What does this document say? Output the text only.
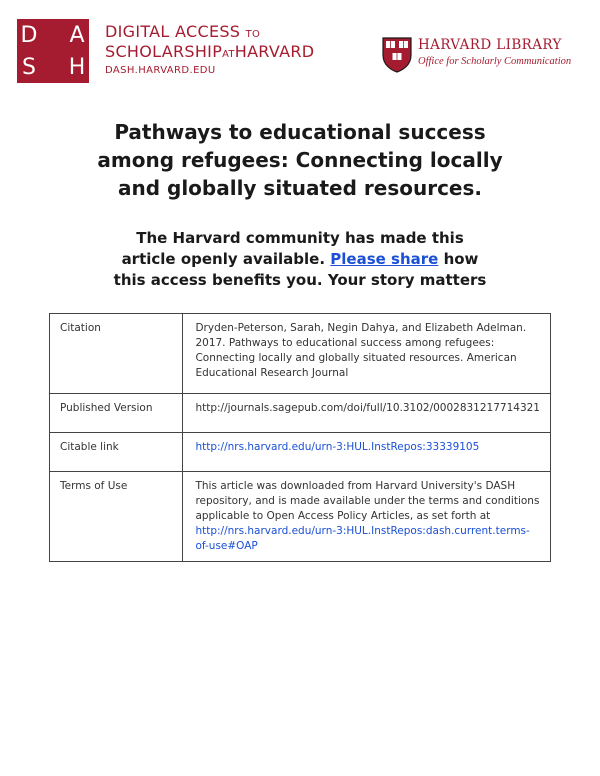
D A
S H
DIGITAL ACCESS TO
SCHOLARSHIPATHARVARD
DASH.HARVARD.EDU
HARVARD LIBRARY
Office for Scholarly Communication
Pathways to educational success
among refugees: Connecting locally
and globally situated resources.
The Harvard community has made this
article openly available. Please share how
this access benefits you. Your story matters
Citation	Dryden-Peterson, Sarah, Negin Dahya, and Elizabeth Adelman. 2017. Pathways to educational success among refugees: Connecting locally and globally situated resources. American Educational Research Journal
Published Version	http://journals.sagepub.com/doi/full/10.3102/0002831217714321
Citable link	http://nrs.harvard.edu/urn-3:HUL.InstRepos:33339105
Terms of Use	This article was downloaded from Harvard University's DASH repository, and is made available under the terms and conditions applicable to Open Access Policy Articles, as set forth at http://nrs.harvard.edu/urn-3:HUL.InstRepos:dash.current.terms-of-use#OAP
